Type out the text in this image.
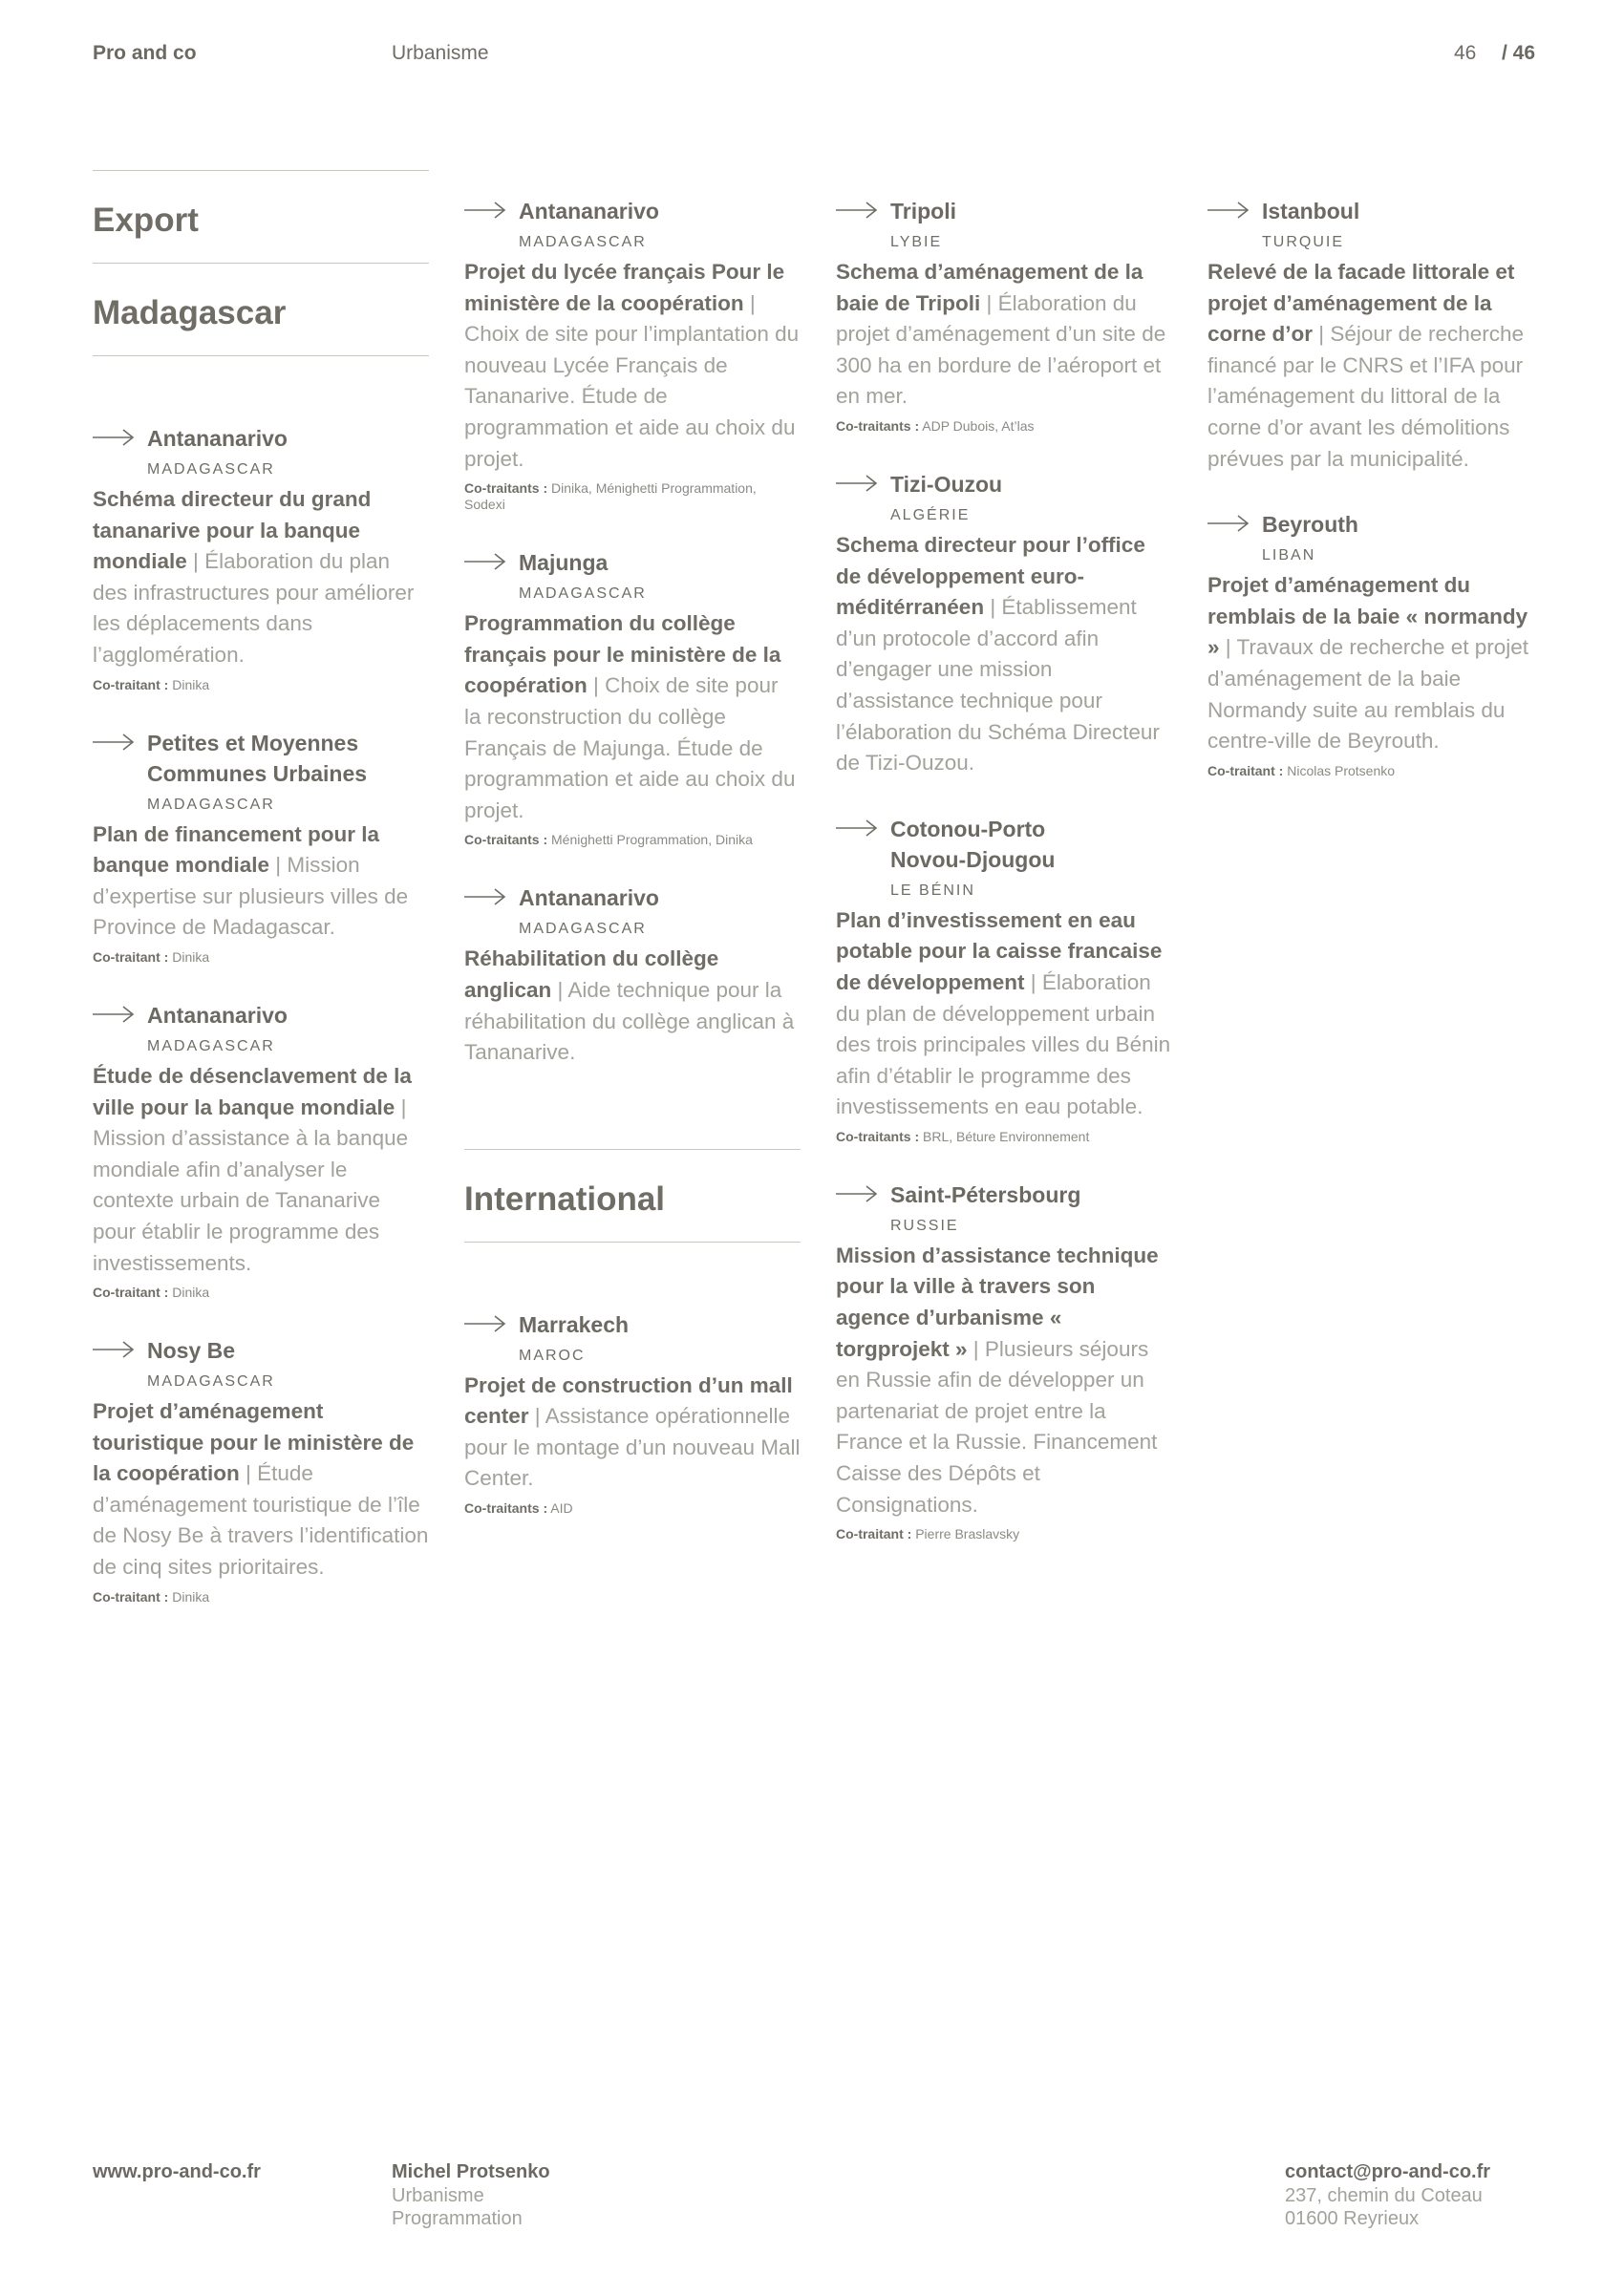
Pro and co	Urbanisme	46 / 46
Export
Madagascar
Antananarivo
MADAGASCAR
Schéma directeur du grand tananarive pour la banque mondiale | Élaboration du plan des infrastructures pour améliorer les déplacements dans l’agglomération.
Co-traitant : Dinika
Petites et Moyennes
Communes Urbaines
MADAGASCAR
Plan de financement pour la banque mondiale | Mission d’expertise sur plusieurs villes de Province de Madagascar.
Co-traitant : Dinika
Antananarivo
MADAGASCAR
Étude de désenclavement de la ville pour la banque mondiale | Mission d’assistance à la banque mondiale afin d’analyser le contexte urbain de Tananarive pour établir le programme des investissements.
Co-traitant : Dinika
Nosy Be
MADAGASCAR
Projet d’aménagement touristique pour le ministère de la coopération | Étude d’aménagement touristique de l’île de Nosy Be à travers l’identification de cinq sites prioritaires.
Co-traitant : Dinika
Antananarivo
MADAGASCAR
Projet du lycée français Pour le ministère de la coopération | Choix de site pour l’implantation du nouveau Lycée Français de Tananarive. Étude de programmation et aide au choix du projet.
Co-traitants : Dinika, Ménighetti Programmation, Sodexi
Majunga
MADAGASCAR
Programmation du collège français pour le ministère de la coopération | Choix de site pour la reconstruction du collège Français de Majunga. Étude de programmation et aide au choix du projet.
Co-traitants : Ménighetti Programmation, Dinika
Antananarivo
MADAGASCAR
Réhabilitation du collège anglican | Aide technique pour la réhabilitation du collège anglican à Tananarive.
International
Marrakech
MAROC
Projet de construction d’un mall center | Assistance opérationnelle pour le montage d’un nouveau Mall Center.
Co-traitants : AID
Tripoli
LYBIE
Schema d’aménagement de la baie de Tripoli | Élaboration du projet d’aménagement d’un site de 300 ha en bordure de l’aéroport et en mer.
Co-traitants : ADP Dubois, At’las
Tizi-Ouzou
ALGÉRIE
Schema directeur pour l’office de développement euro-méditérranéen | Établissement d’un protocole d’accord afin d’engager une mission d’assistance technique pour l’élaboration du Schéma Directeur de Tizi-Ouzou.
Cotonou-Porto
Novou-Djougou
LE BÉNIN
Plan d’investissement en eau potable pour la caisse francaise de développement | Élaboration du plan de développement urbain des trois principales villes du Bénin afin d’établir le programme des investissements en eau potable.
Co-traitants : BRL, Béture Environnement
Saint-Pétersbourg
RUSSIE
Mission d’assistance technique pour la ville à travers son agence d’urbanisme « torgprojekt » | Plusieurs séjours en Russie afin de développer un partenariat de projet entre la France et la Russie. Financement Caisse des Dépôts et Consignations.
Co-traitant : Pierre Braslavsky
Istanboul
TURQUIE
Relevé de la facade littorale et projet d’aménagement de la corne d’or | Séjour de recherche financé par le CNRS et l’IFA pour l’aménagement du littoral de la corne d’or avant les démolitions prévues par la municipalité.
Beyrouth
LIBAN
Projet d’aménagement du remblais de la baie « normandy » | Travaux de recherche et projet d’aménagement de la baie Normandy suite au remblais du centre-ville de Beyrouth.
Co-traitant : Nicolas Protsenko
www.pro-and-co.fr	Michel Protsenko
Urbanisme
Programmation
contact@pro-and-co.fr
237, chemin du Coteau
01600 Reyrieux
